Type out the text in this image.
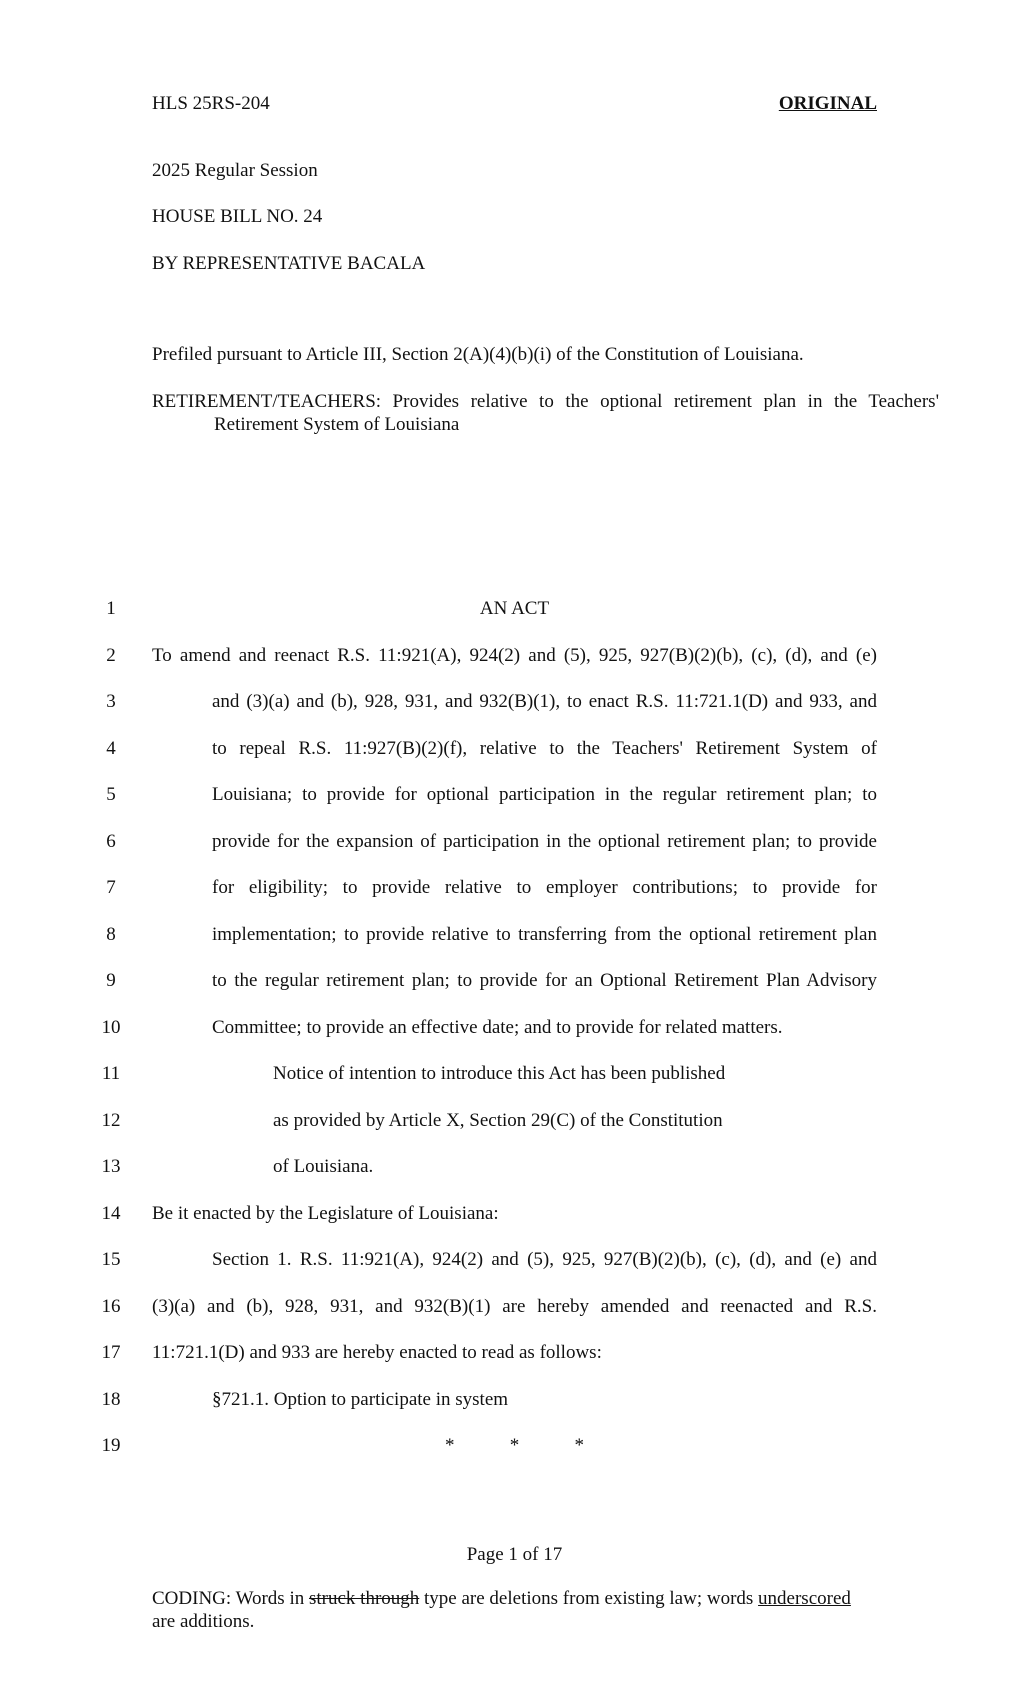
HLS 25RS-204	ORIGINAL
2025 Regular Session
HOUSE BILL NO. 24
BY REPRESENTATIVE BACALA
Prefiled pursuant to Article III, Section 2(A)(4)(b)(i) of the Constitution of Louisiana.

RETIREMENT/TEACHERS: Provides relative to the optional retirement plan in the Teachers' Retirement System of Louisiana

1	AN ACT
2	To amend and reenact R.S. 11:921(A), 924(2) and (5), 925, 927(B)(2)(b), (c), (d), and (e)
3	and (3)(a) and (b), 928, 931, and 932(B)(1), to enact R.S. 11:721.1(D) and 933, and
4	to repeal R.S. 11:927(B)(2)(f), relative to the Teachers' Retirement System of
5	Louisiana; to provide for optional participation in the regular retirement plan; to
6	provide for the expansion of participation in the optional retirement plan; to provide
7	for eligibility; to provide relative to employer contributions; to provide for
8	implementation; to provide relative to transferring from the optional retirement plan
9	to the regular retirement plan; to provide for an Optional Retirement Plan Advisory
10	Committee; to provide an effective date; and to provide for related matters.
11	Notice of intention to introduce this Act has been published
12	as provided by Article X, Section 29(C) of the Constitution
13	of Louisiana.
14	Be it enacted by the Legislature of Louisiana:
15	Section 1. R.S. 11:921(A), 924(2) and (5), 925, 927(B)(2)(b), (c), (d), and (e) and
16	(3)(a) and (b), 928, 931, and 932(B)(1) are hereby amended and reenacted and R.S.
17	11:721.1(D) and 933 are hereby enacted to read as follows:
18	§721.1. Option to participate in system
19	*	*	*
Page 1 of 17

CODING: Words in struck through type are deletions from existing law; words underscored are additions.
